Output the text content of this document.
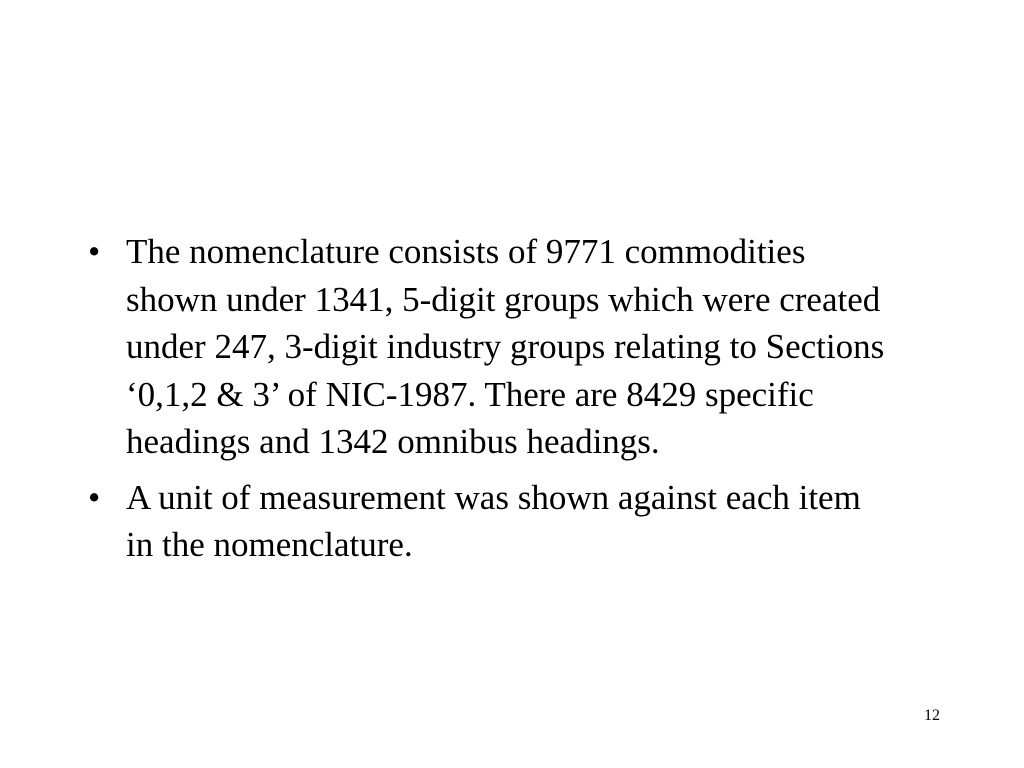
• The nomenclature consists of 9771 commodities shown under 1341, 5-digit groups which were created under 247, 3-digit industry groups relating to Sections ‘0,1,2 & 3’ of NIC-1987. There are 8429 specific headings and 1342 omnibus headings.
• A unit of measurement was shown against each item in the nomenclature.
12
